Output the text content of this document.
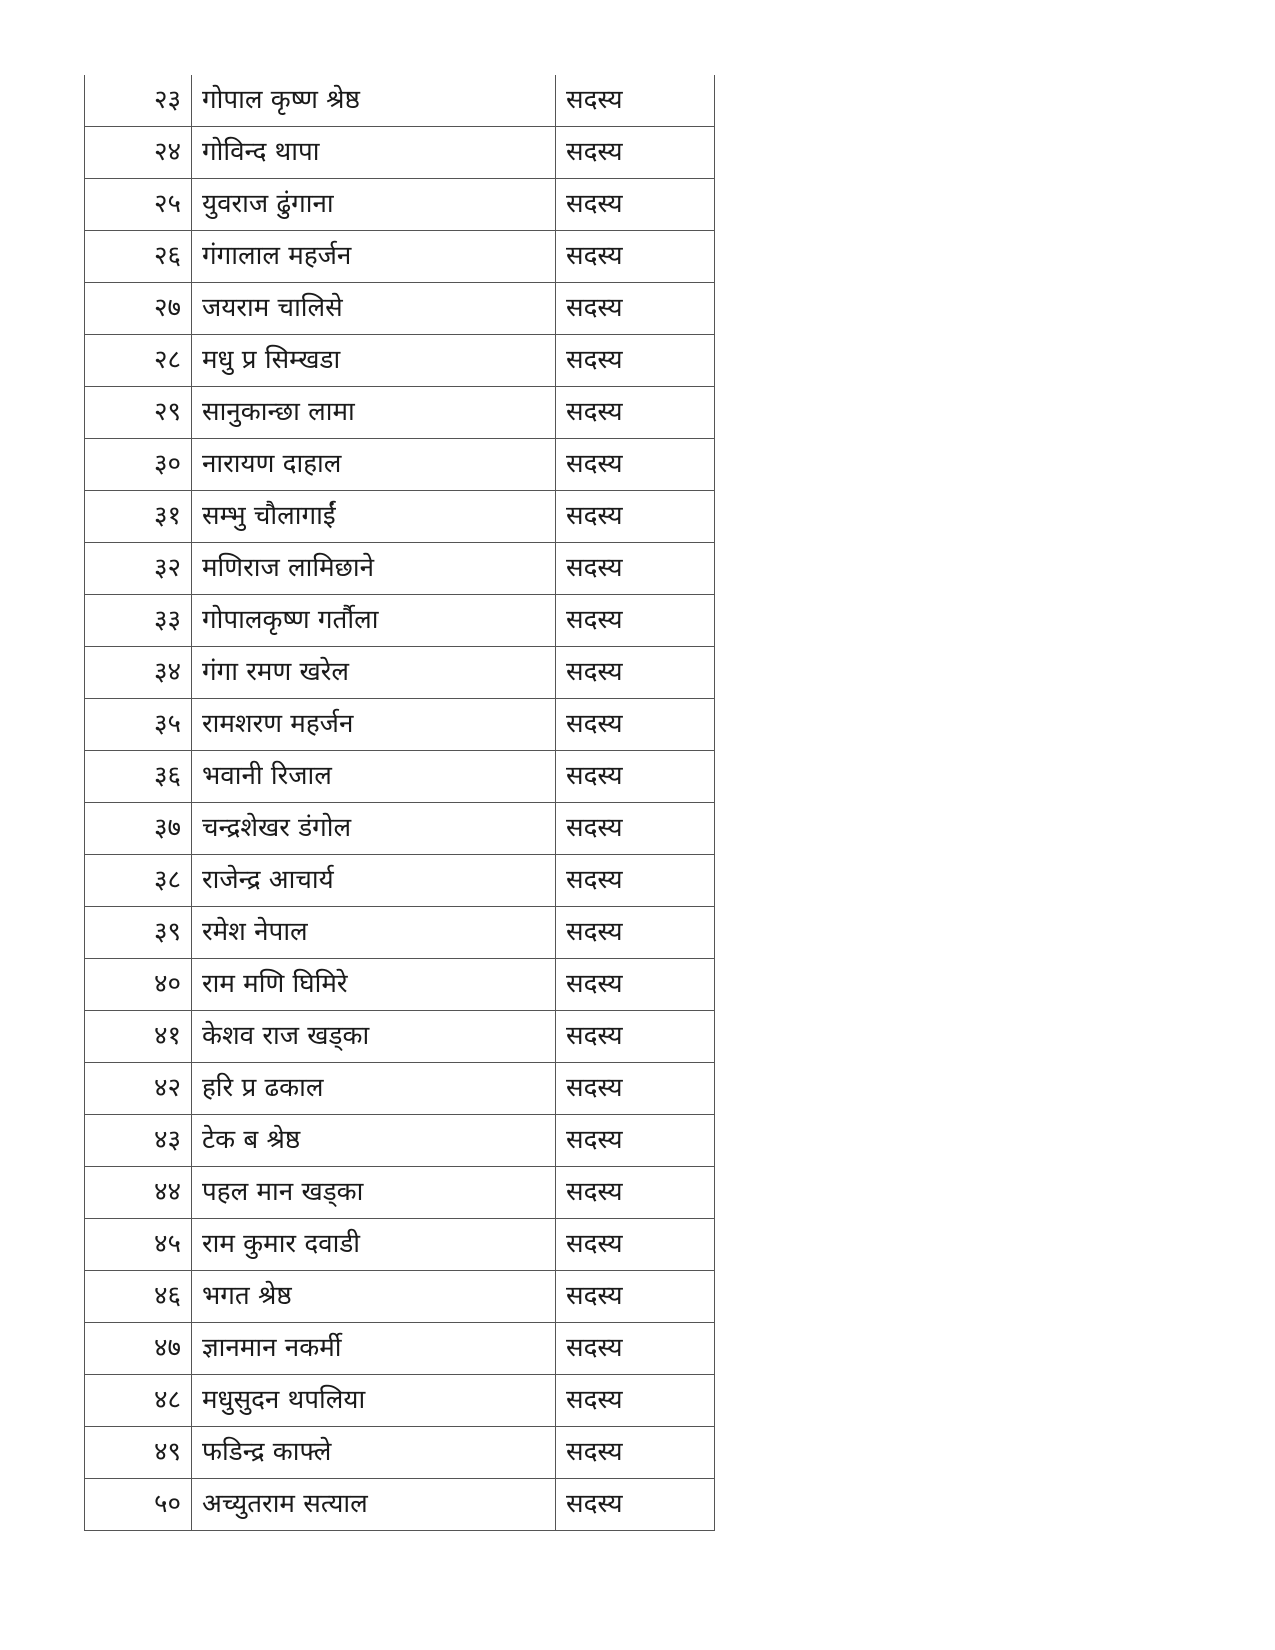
२३	गोपाल कृष्ण श्रेष्ठ	सदस्य
२४	गोविन्द थापा	सदस्य
२५	युवराज ढुंगाना	सदस्य
२६	गंगालाल महर्जन	सदस्य
२७	जयराम चालिसे	सदस्य
२८	मधु प्र सिम्खडा	सदस्य
२९	सानुकान्छा लामा	सदस्य
३०	नारायण दाहाल	सदस्य
३१	सम्भु चौलागाईं	सदस्य
३२	मणिराज लामिछाने	सदस्य
३३	गोपालकृष्ण गर्तौला	सदस्य
३४	गंगा रमण खरेल	सदस्य
३५	रामशरण महर्जन	सदस्य
३६	भवानी रिजाल	सदस्य
३७	चन्द्रशेखर डंगोल	सदस्य
३८	राजेन्द्र आचार्य	सदस्य
३९	रमेश नेपाल	सदस्य
४०	राम मणि घिमिरे	सदस्य
४१	केशव राज खड्का	सदस्य
४२	हरि प्र ढकाल	सदस्य
४३	टेक ब श्रेष्ठ	सदस्य
४४	पहल मान खड्का	सदस्य
४५	राम कुमार दवाडी	सदस्य
४६	भगत श्रेष्ठ	सदस्य
४७	ज्ञानमान नकर्मी	सदस्य
४८	मधुसुदन थपलिया	सदस्य
४९	फडिन्द्र काफ्ले	सदस्य
५०	अच्युतराम सत्याल	सदस्य
